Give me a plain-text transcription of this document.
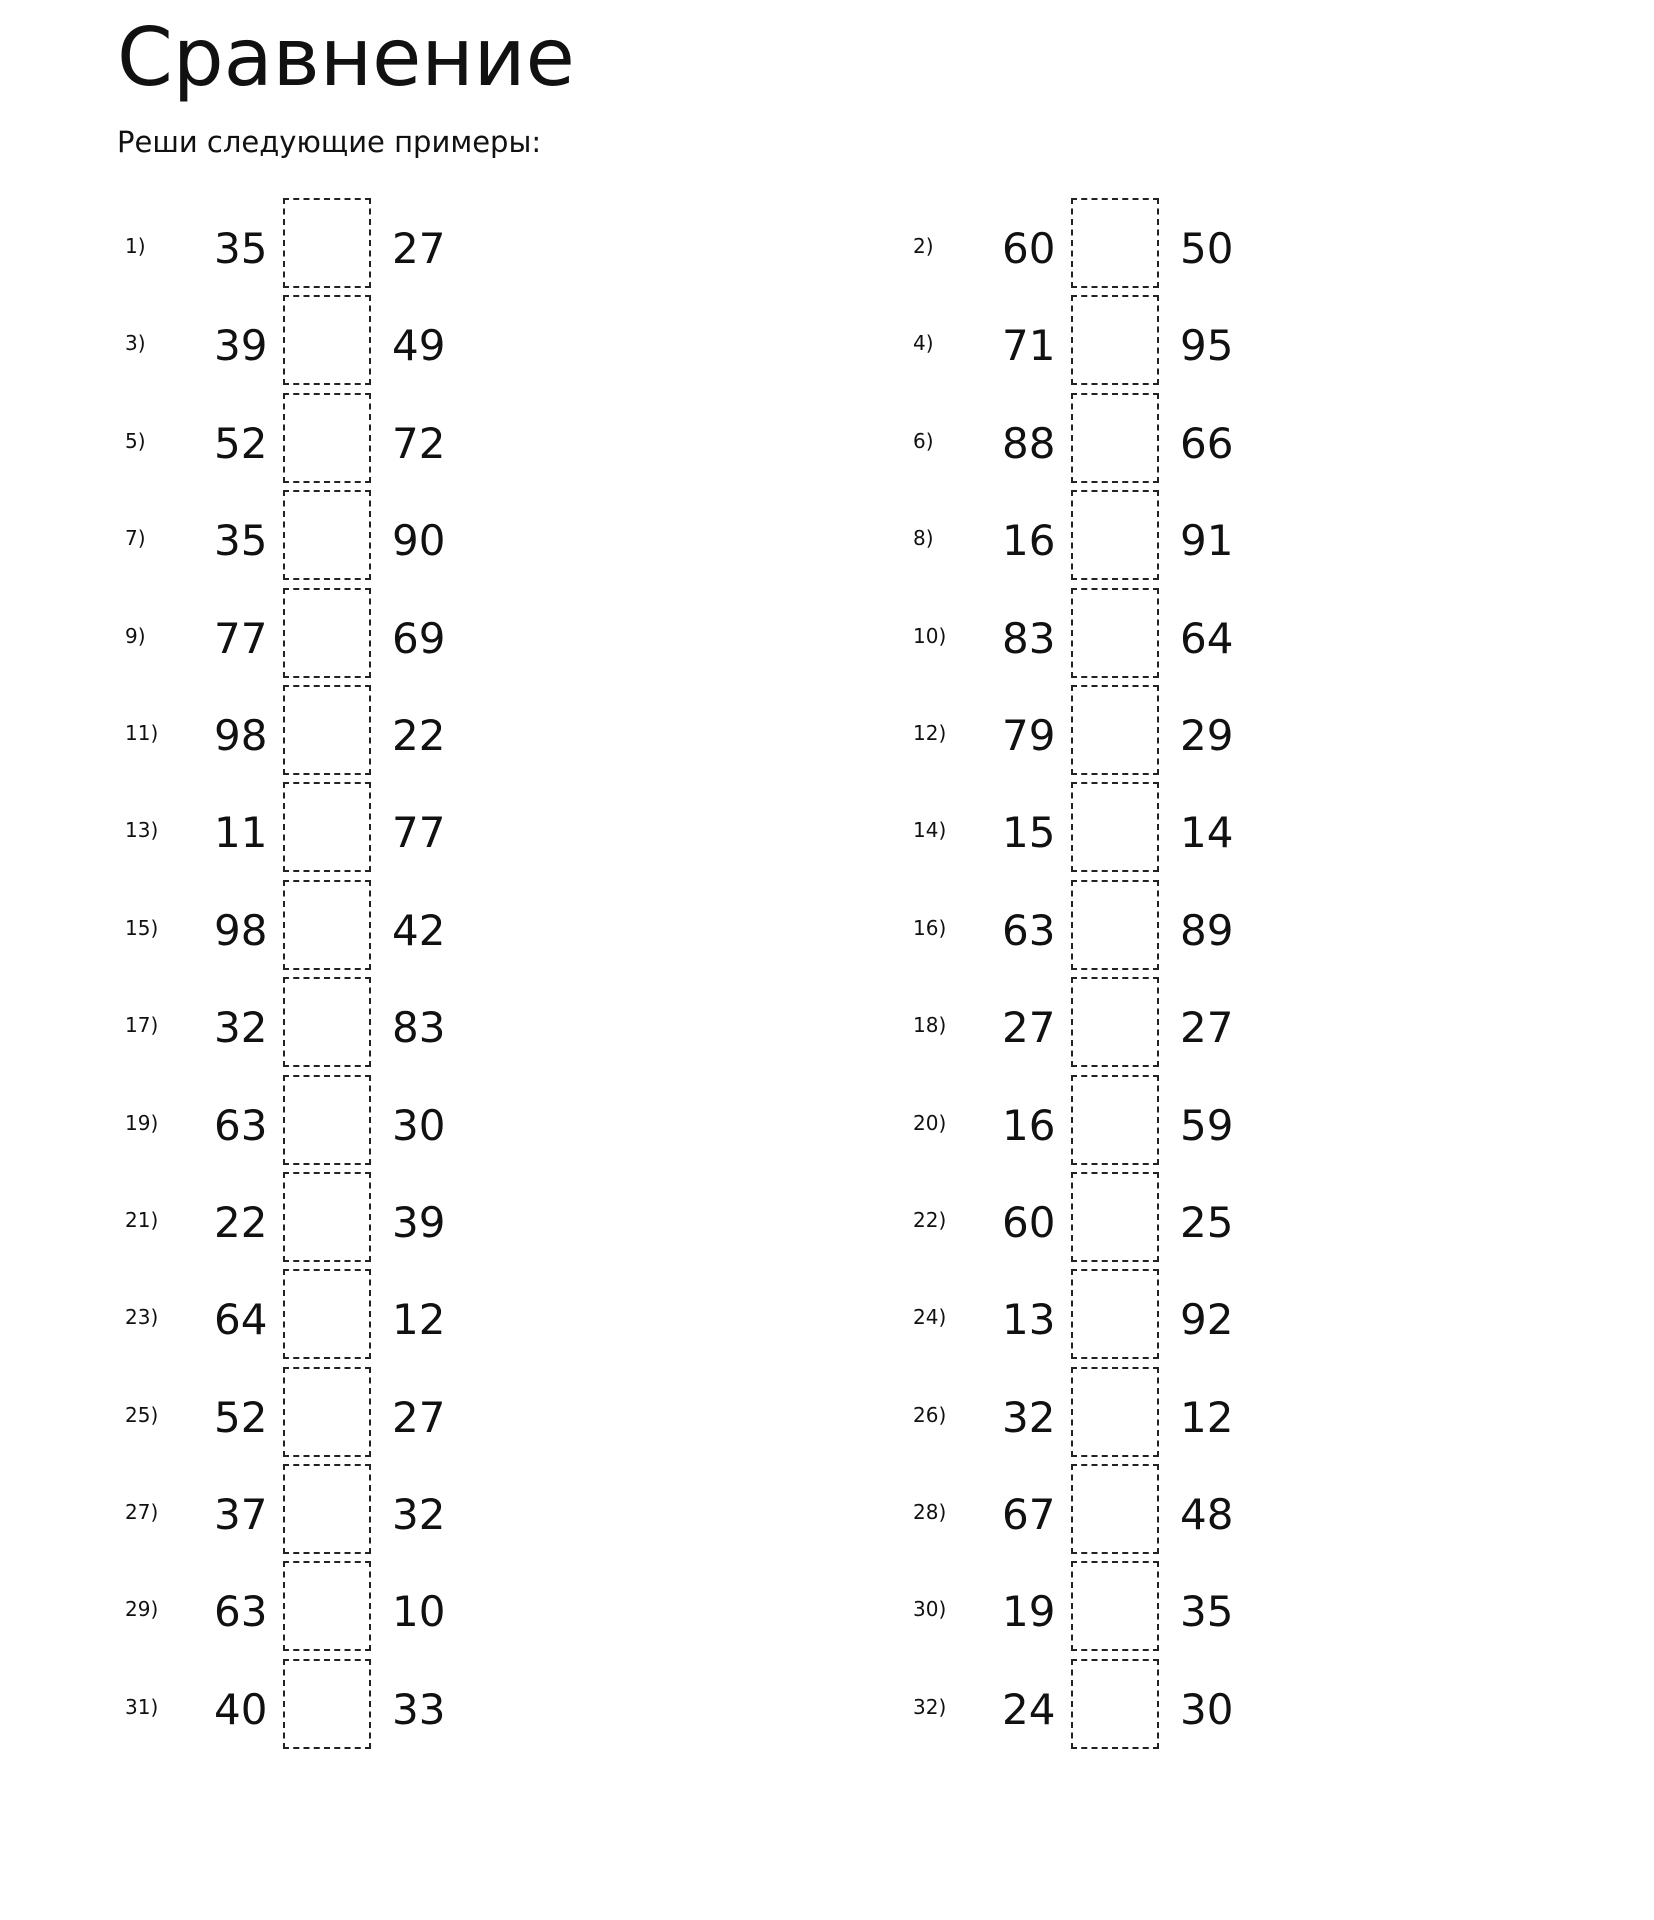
Сравнение
Реши следующие примеры:
1) 35	27
3) 39	49
5) 52	72
7) 35	90
9) 77	69
11) 98	22
13) 11	77
15) 98	42
17) 32	83
19) 63	30
21) 22	39
23) 64	12
25) 52	27
27) 37	32
29) 63	10
31) 40	33
2) 60	50
4) 71	95
6) 88	66
8) 16	91
10) 83	64
12) 79	29
14) 15	14
16) 63	89
18) 27	27
20) 16	59
22) 60	25
24) 13	92
26) 32	12
28) 67	48
30) 19	35
32) 24	30
